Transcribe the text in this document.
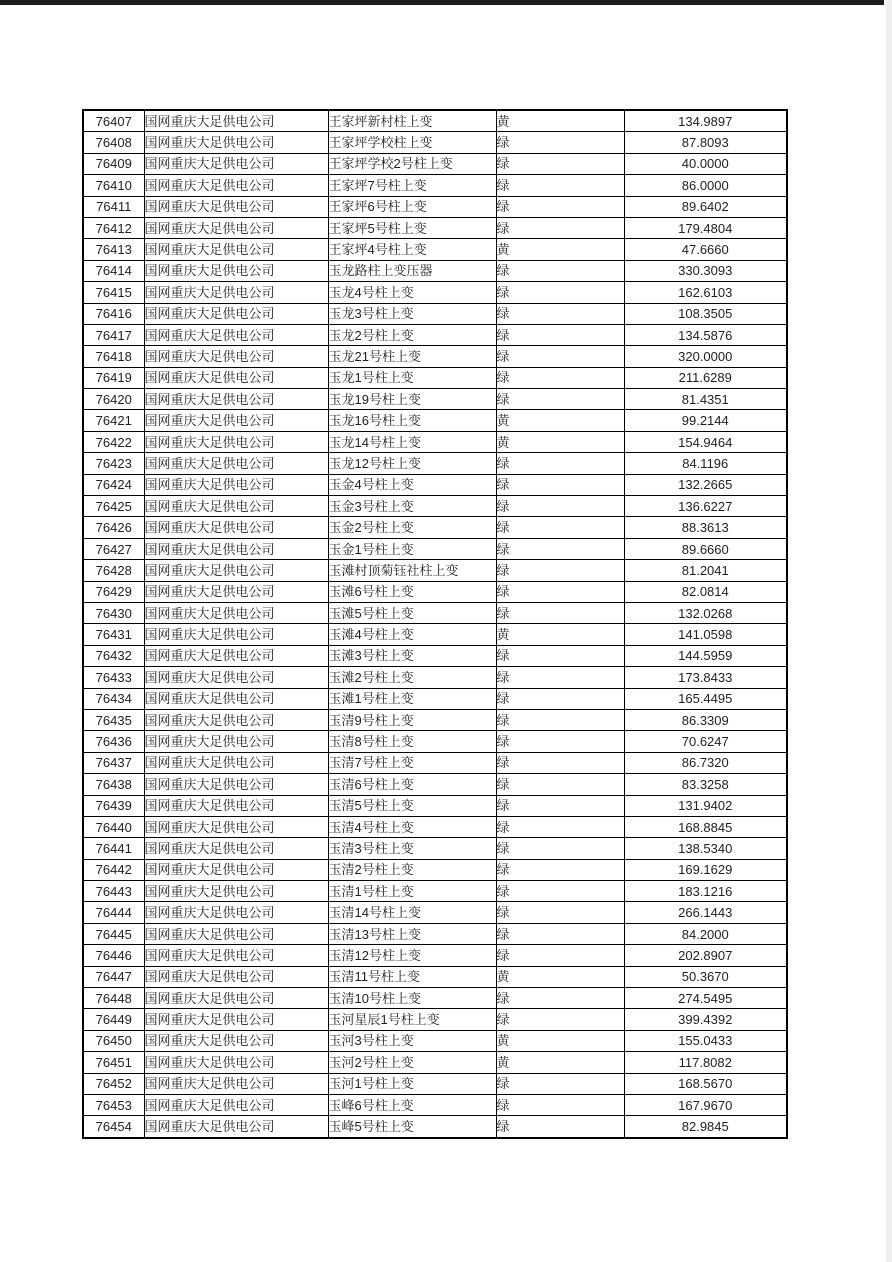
76407	国网重庆大足供电公司	王家坪新村柱上变	黄	134.9897
76408	国网重庆大足供电公司	王家坪学校柱上变	绿	87.8093
76409	国网重庆大足供电公司	王家坪学校2号柱上变	绿	40.0000
76410	国网重庆大足供电公司	王家坪7号柱上变	绿	86.0000
76411	国网重庆大足供电公司	王家坪6号柱上变	绿	89.6402
76412	国网重庆大足供电公司	王家坪5号柱上变	绿	179.4804
76413	国网重庆大足供电公司	王家坪4号柱上变	黄	47.6660
76414	国网重庆大足供电公司	玉龙路柱上变压器	绿	330.3093
76415	国网重庆大足供电公司	玉龙4号柱上变	绿	162.6103
76416	国网重庆大足供电公司	玉龙3号柱上变	绿	108.3505
76417	国网重庆大足供电公司	玉龙2号柱上变	绿	134.5876
76418	国网重庆大足供电公司	玉龙21号柱上变	绿	320.0000
76419	国网重庆大足供电公司	玉龙1号柱上变	绿	211.6289
76420	国网重庆大足供电公司	玉龙19号柱上变	绿	81.4351
76421	国网重庆大足供电公司	玉龙16号柱上变	黄	99.2144
76422	国网重庆大足供电公司	玉龙14号柱上变	黄	154.9464
76423	国网重庆大足供电公司	玉龙12号柱上变	绿	84.1196
76424	国网重庆大足供电公司	玉金4号柱上变	绿	132.2665
76425	国网重庆大足供电公司	玉金3号柱上变	绿	136.6227
76426	国网重庆大足供电公司	玉金2号柱上变	绿	88.3613
76427	国网重庆大足供电公司	玉金1号柱上变	绿	89.6660
76428	国网重庆大足供电公司	玉滩村顶菊钰社柱上变	绿	81.2041
76429	国网重庆大足供电公司	玉滩6号柱上变	绿	82.0814
76430	国网重庆大足供电公司	玉滩5号柱上变	绿	132.0268
76431	国网重庆大足供电公司	玉滩4号柱上变	黄	141.0598
76432	国网重庆大足供电公司	玉滩3号柱上变	绿	144.5959
76433	国网重庆大足供电公司	玉滩2号柱上变	绿	173.8433
76434	国网重庆大足供电公司	玉滩1号柱上变	绿	165.4495
76435	国网重庆大足供电公司	玉清9号柱上变	绿	86.3309
76436	国网重庆大足供电公司	玉清8号柱上变	绿	70.6247
76437	国网重庆大足供电公司	玉清7号柱上变	绿	86.7320
76438	国网重庆大足供电公司	玉清6号柱上变	绿	83.3258
76439	国网重庆大足供电公司	玉清5号柱上变	绿	131.9402
76440	国网重庆大足供电公司	玉清4号柱上变	绿	168.8845
76441	国网重庆大足供电公司	玉清3号柱上变	绿	138.5340
76442	国网重庆大足供电公司	玉清2号柱上变	绿	169.1629
76443	国网重庆大足供电公司	玉清1号柱上变	绿	183.1216
76444	国网重庆大足供电公司	玉清14号柱上变	绿	266.1443
76445	国网重庆大足供电公司	玉清13号柱上变	绿	84.2000
76446	国网重庆大足供电公司	玉清12号柱上变	绿	202.8907
76447	国网重庆大足供电公司	玉清11号柱上变	黄	50.3670
76448	国网重庆大足供电公司	玉清10号柱上变	绿	274.5495
76449	国网重庆大足供电公司	玉河星辰1号柱上变	绿	399.4392
76450	国网重庆大足供电公司	玉河3号柱上变	黄	155.0433
76451	国网重庆大足供电公司	玉河2号柱上变	黄	117.8082
76452	国网重庆大足供电公司	玉河1号柱上变	绿	168.5670
76453	国网重庆大足供电公司	玉峰6号柱上变	绿	167.9670
76454	国网重庆大足供电公司	玉峰5号柱上变	绿	82.9845
